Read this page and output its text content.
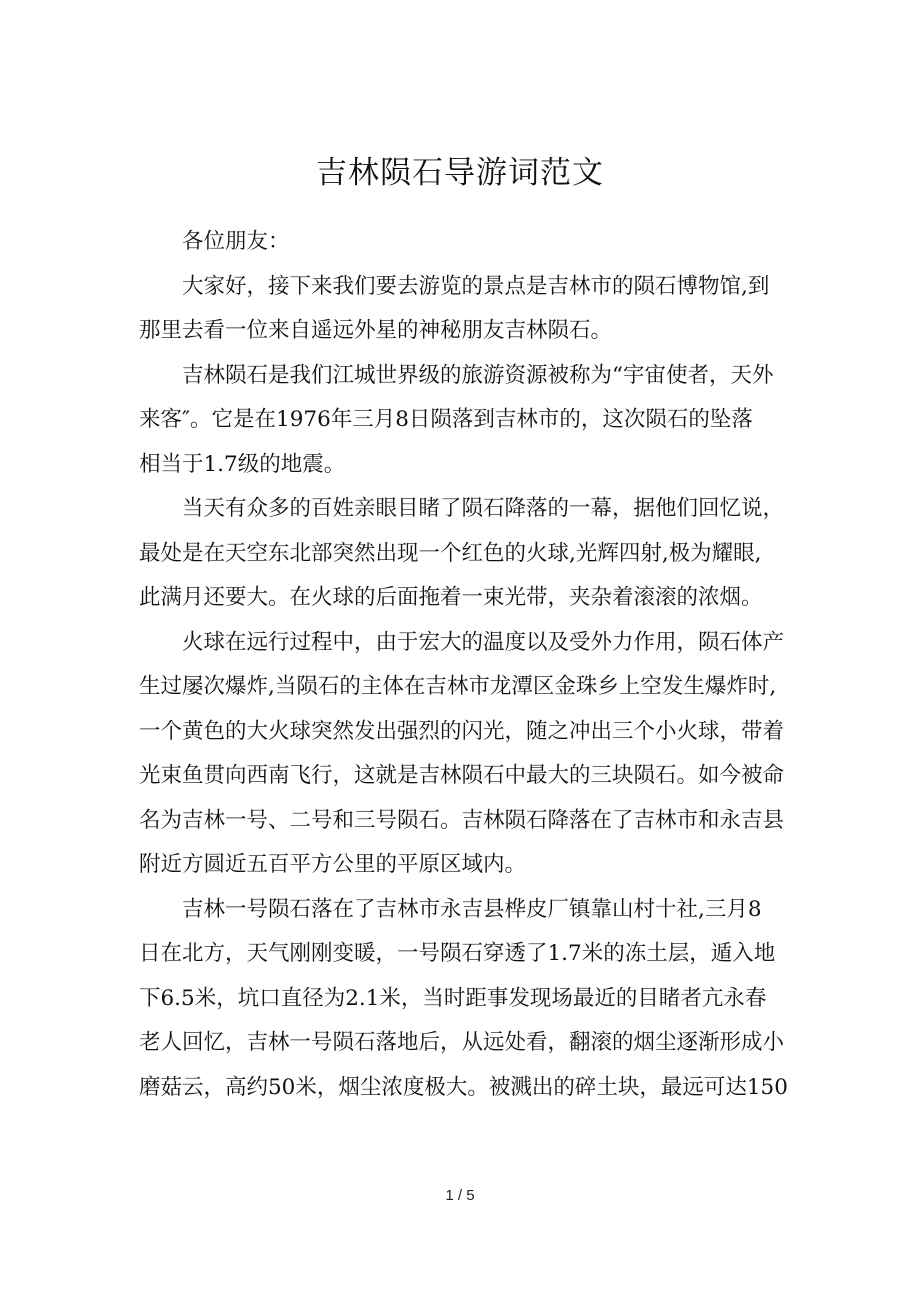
吉林陨石导游词范文

各位朋友：

大家好，接下来我们要去游览的景点是吉林市的陨石博物馆,到
那里去看一位来自遥远外星的神秘朋友吉林陨石。

吉林陨石是我们江城世界级的旅游资源被称为“宇宙使者，天外
来客″。它是在1976年三月8日陨落到吉林市的，这次陨石的坠落
相当于1.7级的地震。

当天有众多的百姓亲眼目睹了陨石降落的一幕，据他们回忆说，
最处是在天空东北部突然出现一个红色的火球,光辉四射,极为耀眼,
此满月还要大。在火球的后面拖着一束光带，夹杂着滚滚的浓烟。

火球在远行过程中，由于宏大的温度以及受外力作用，陨石体产
生过屡次爆炸,当陨石的主体在吉林市龙潭区金珠乡上空发生爆炸时,
一个黄色的大火球突然发出强烈的闪光，随之冲出三个小火球，带着
光束鱼贯向西南飞行，这就是吉林陨石中最大的三块陨石。如今被命
名为吉林一号、二号和三号陨石。吉林陨石降落在了吉林市和永吉县
附近方圆近五百平方公里的平原区域内。

吉林一号陨石落在了吉林市永吉县桦皮厂镇靠山村十社,三月8
日在北方，天气刚刚变暖，一号陨石穿透了1.7米的冻土层，遁入地
下6.5米，坑口直径为2.1米，当时距事发现场最近的目睹者亢永春
老人回忆，吉林一号陨石落地后，从远处看，翻滚的烟尘逐渐形成小
磨菇云，高约50米，烟尘浓度极大。被溅出的碎土块，最远可达150

1 / 5
